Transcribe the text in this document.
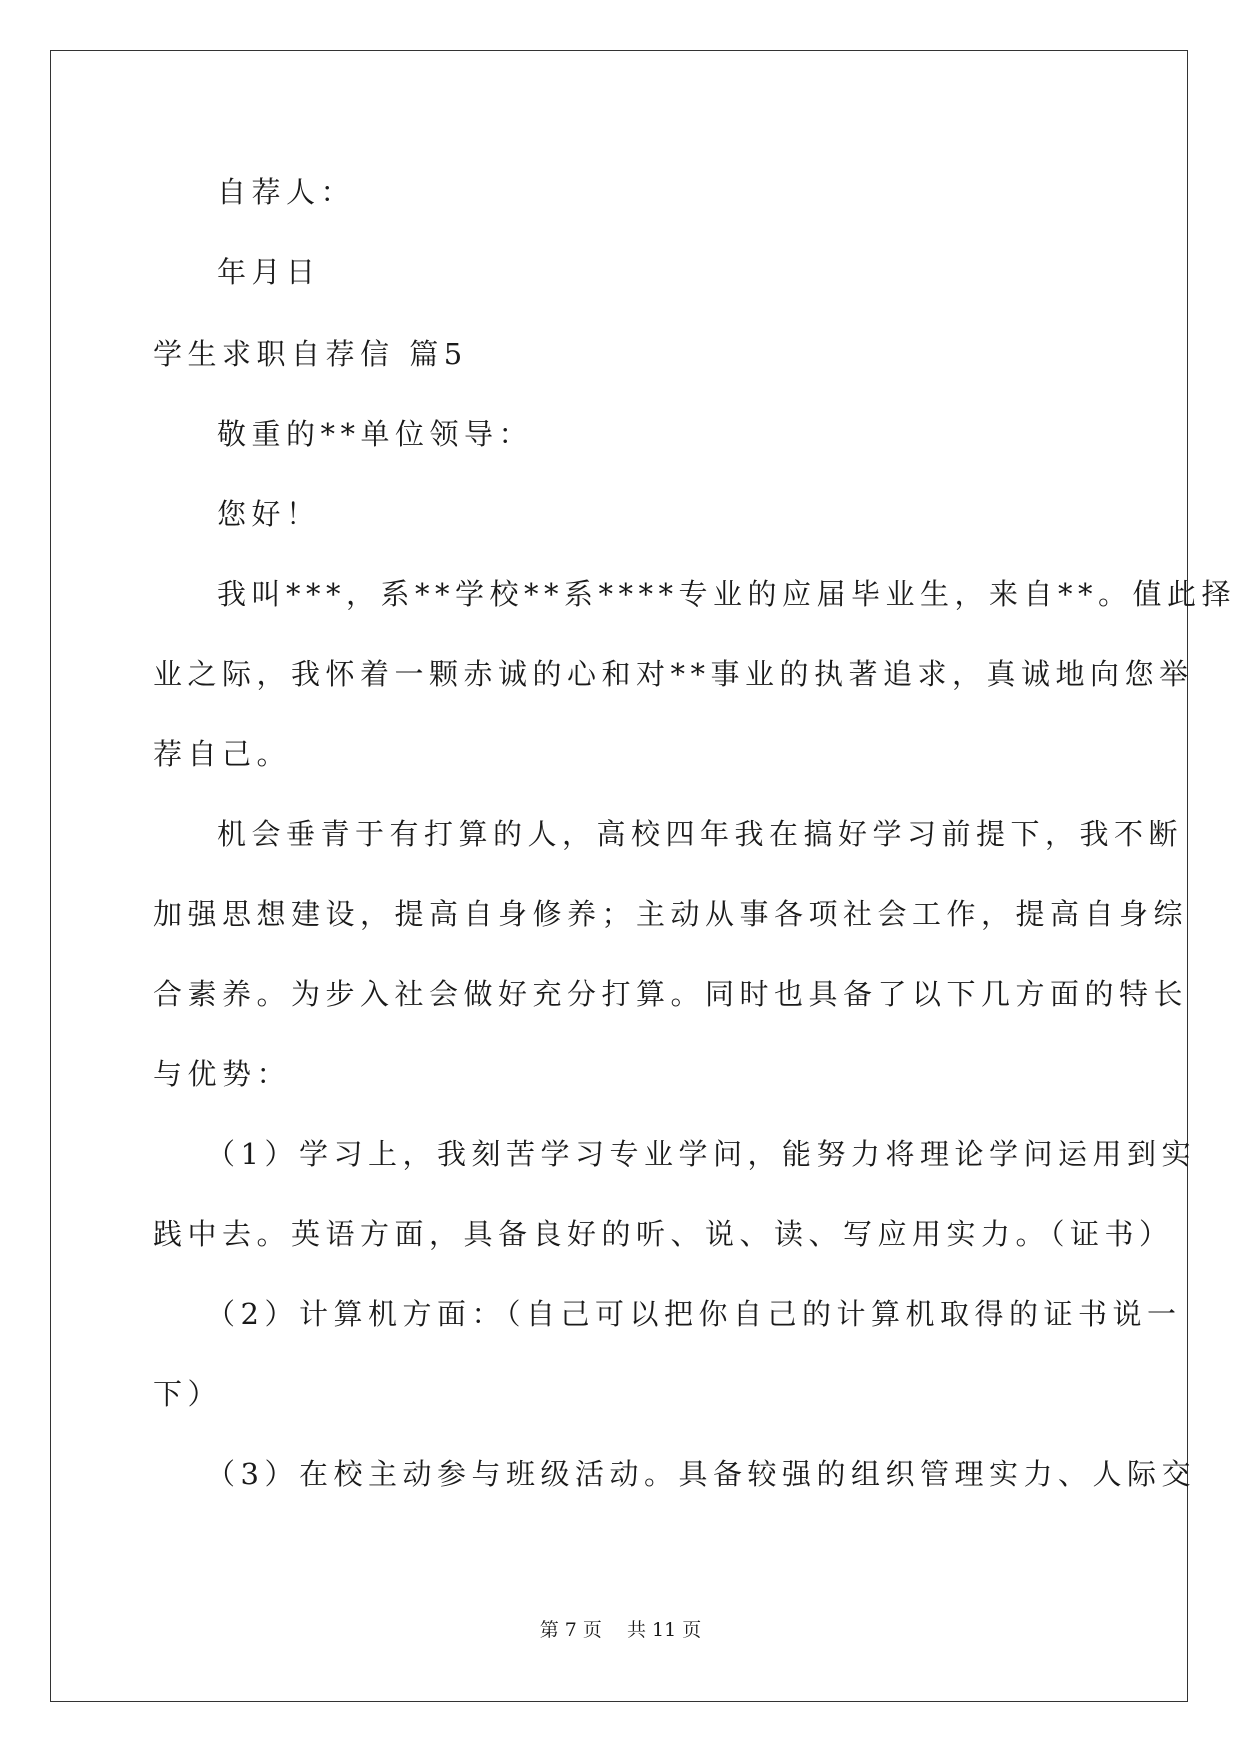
自荐人：
年月日
学生求职自荐信 篇5
敬重的**单位领导：
您好！
我叫***，系**学校**系****专业的应届毕业生，来自**。值此择
业之际，我怀着一颗赤诚的心和对**事业的执著追求，真诚地向您举
荐自己。
机会垂青于有打算的人，高校四年我在搞好学习前提下，我不断
加强思想建设，提高自身修养；主动从事各项社会工作，提高自身综
合素养。为步入社会做好充分打算。同时也具备了以下几方面的特长
与优势：
（1）学习上，我刻苦学习专业学问，能努力将理论学问运用到实
践中去。英语方面，具备良好的听、说、读、写应用实力。（证书）
（2）计算机方面：（自己可以把你自己的计算机取得的证书说一
下）
（3）在校主动参与班级活动。具备较强的组织管理实力、人际交
第 7 页　 共 11 页
